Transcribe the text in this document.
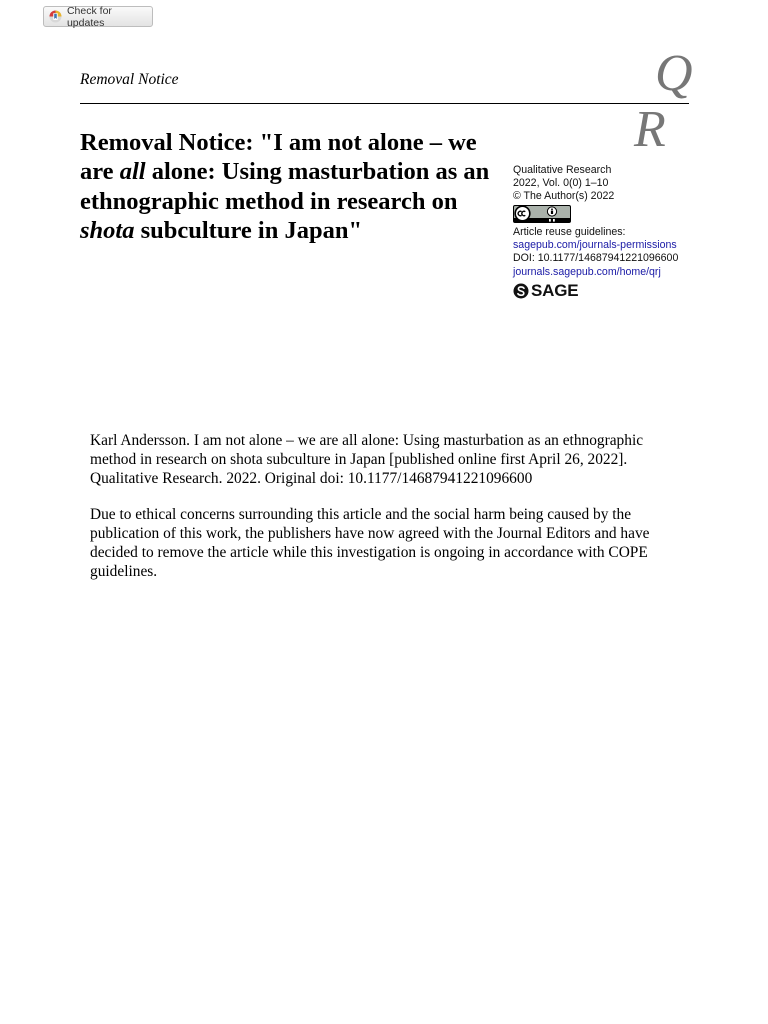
Check for updates
Removal Notice	Q
R
Removal Notice: "I am not alone – we are all alone: Using masturbation as an ethnographic method in research on shota subculture in Japan"
Qualitative Research
2022, Vol. 0(0) 1–10
© The Author(s) 2022
Article reuse guidelines:
sagepub.com/journals-permissions
DOI: 10.1177/14687941221096600
journals.sagepub.com/home/qrj
SAGE

Karl Andersson. I am not alone – we are all alone: Using masturbation as an ethnographic method in research on shota subculture in Japan [published online first April 26, 2022]. Qualitative Research. 2022. Original doi: 10.1177/14687941221096600

Due to ethical concerns surrounding this article and the social harm being caused by the publication of this work, the publishers have now agreed with the Journal Editors and have decided to remove the article while this investigation is ongoing in accordance with COPE guidelines.
